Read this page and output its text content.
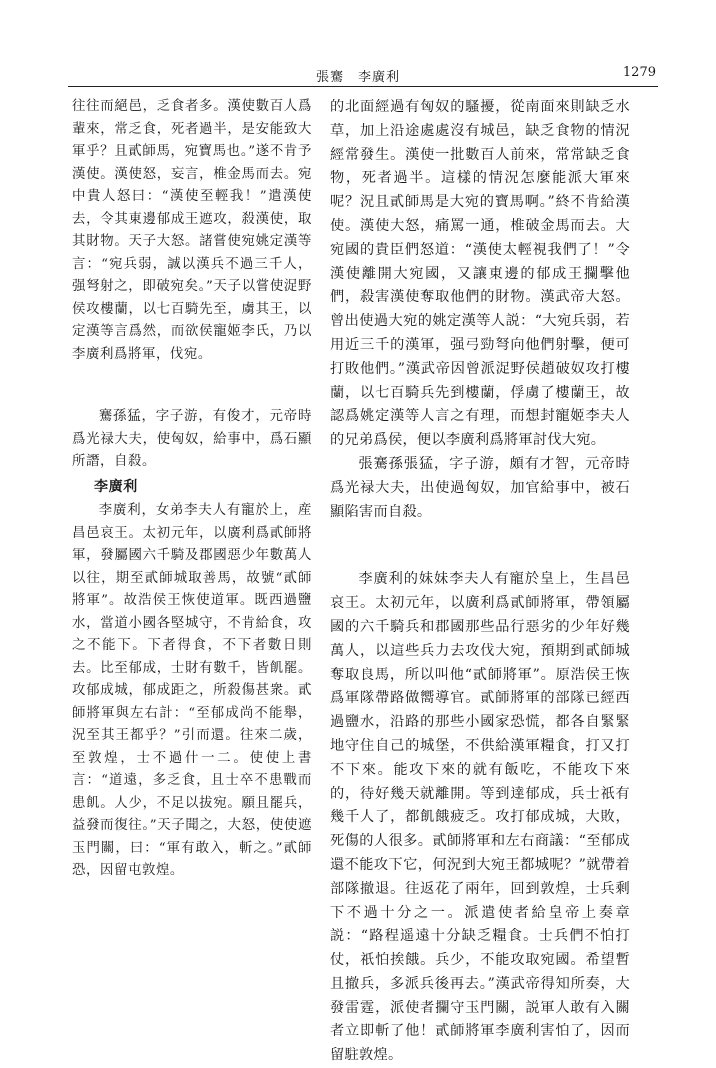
張騫　李廣利	1279

往往而絕邑，乏食者多。漢使數百人爲輩來，常乏食，死者過半，是安能致大軍乎？且貳師馬，宛寶馬也。”遂不肯予漢使。漢使怒，妄言，椎金馬而去。宛中貴人怒曰：“漢使至輕我！”遣漢使去，令其東邊郁成王遮攻，殺漢使，取其財物。天子大怒。諸嘗使宛姚定漢等言：“宛兵弱，誠以漢兵不過三千人，强弩射之，即破宛矣。”天子以嘗使浞野侯攻樓蘭，以七百騎先至，虜其王，以定漢等言爲然，而欲侯寵姬李氏，乃以李廣利爲將軍，伐宛。

騫孫猛，字子游，有俊才，元帝時爲光禄大夫，使匈奴，給事中，爲石顯所譖，自殺。

李廣利

李廣利，女弟李夫人有寵於上，産昌邑哀王。太初元年，以廣利爲貳師將軍，發屬國六千騎及郡國惡少年數萬人以往，期至貳師城取善馬，故號“貳師將軍”。故浩侯王恢使道軍。既西過鹽水，當道小國各堅城守，不肯給食，攻之不能下。下者得食，不下者數日則去。比至郁成，士財有數千，皆飢罷。攻郁成城，郁成距之，所殺傷甚衆。貳師將軍與左右計：“至郁成尚不能舉，況至其王都乎？”引而還。往來二歲，至敦煌，士不過什一二。使使上書言：“道遠，多乏食，且士卒不患戰而患飢。人少，不足以拔宛。願且罷兵，益發而復往。”天子聞之，大怒，使使遮玉門關，曰：“軍有敢入，斬之。”貳師恐，因留屯敦煌。

的北面經過有匈奴的騷擾，從南面來則缺乏水草，加上沿途處處沒有城邑，缺乏食物的情況經常發生。漢使一批數百人前來，常常缺乏食物，死者過半。這樣的情況怎麼能派大軍來呢？況且貳師馬是大宛的寶馬啊。”終不肯給漢使。漢使大怒，痛罵一通，椎破金馬而去。大宛國的貴臣們怒道：“漢使太輕視我們了！”令漢使離開大宛國，又讓東邊的郁成王攔擊他們，殺害漢使奪取他們的財物。漢武帝大怒。曾出使過大宛的姚定漢等人説：“大宛兵弱，若用近三千的漢軍，强弓勁弩向他們射擊，便可打敗他們。”漢武帝因曾派浞野侯趙破奴攻打樓蘭，以七百騎兵先到樓蘭，俘虜了樓蘭王，故認爲姚定漢等人言之有理，而想封寵姬李夫人的兄弟爲侯，便以李廣利爲將軍討伐大宛。

張騫孫張猛，字子游，頗有才智，元帝時爲光禄大夫，出使過匈奴，加官給事中，被石顯陷害而自殺。

李廣利的妹妹李夫人有寵於皇上，生昌邑哀王。太初元年，以廣利爲貳師將軍，帶領屬國的六千騎兵和郡國那些品行惡劣的少年好幾萬人，以這些兵力去攻伐大宛，預期到貳師城奪取良馬，所以叫他“貳師將軍”。原浩侯王恢爲軍隊帶路做嚮導官。貳師將軍的部隊已經西過鹽水，沿路的那些小國家恐慌，都各自緊緊地守住自己的城堡，不供給漢軍糧食，打又打不下來。能攻下來的就有飯吃，不能攻下來的，待好幾天就離開。等到達郁成，兵士祇有幾千人了，都飢餓疲乏。攻打郁成城，大敗，死傷的人很多。貳師將軍和左右商議：“至郁成還不能攻下它，何況到大宛王都城呢？”就帶着部隊撤退。往返花了兩年，回到敦煌，士兵剩下不過十分之一。派遣使者給皇帝上奏章説：“路程遥遠十分缺乏糧食。士兵們不怕打仗，祇怕挨餓。兵少，不能攻取宛國。希望暫且撤兵，多派兵後再去。”漢武帝得知所奏，大發雷霆，派使者攔守玉門關，説軍人敢有入關者立即斬了他！貳師將軍李廣利害怕了，因而留駐敦煌。
